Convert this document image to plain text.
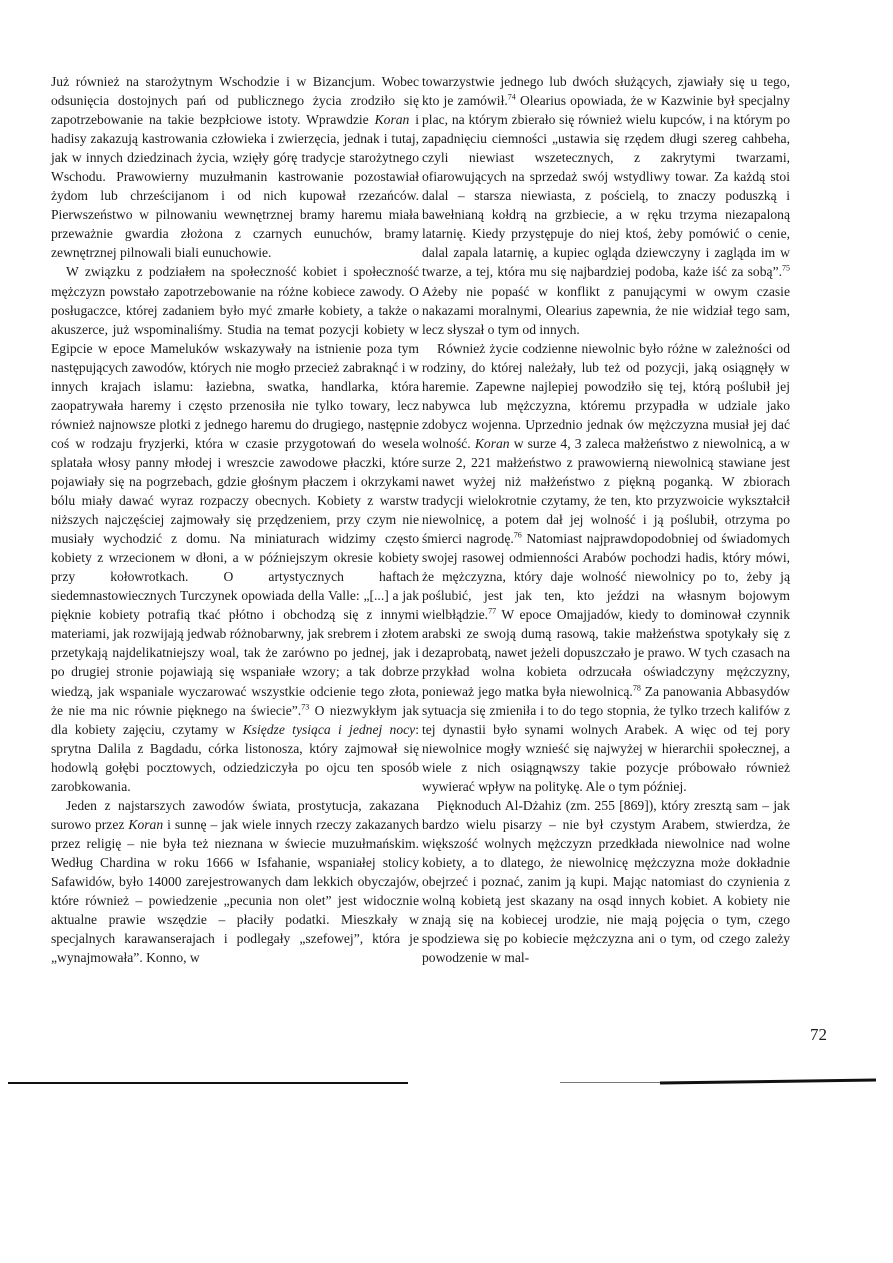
Już również na starożytnym Wschodzie i w Bizancjum. Wobec odsunięcia dostojnych pań od publicznego życia zrodziło się zapotrzebowanie na takie bezpłciowe istoty. Wprawdzie Koran i hadisy zakazują kastrowania człowieka i zwierzęcia, jednak i tutaj, jak w innych dziedzinach życia, wzięły górę tradycje starożytnego Wschodu. Prawowierny muzułmanin kastrowanie pozostawiał żydom lub chrześcijanom i od nich kupował rzezańców. Pierwszeństwo w pilnowaniu wewnętrznej bramy haremu miała przeważnie gwardia złożona z czarnych eunuchów, bramy zewnętrznej pilnowali biali eunuchowie.

W związku z podziałem na społeczność kobiet i społeczność mężczyzn powstało zapotrzebowanie na różne kobiece zawody. O posługaczce, której zadaniem było myć zmarłe kobiety, a także o akuszerce, już wspominaliśmy. Studia na temat pozycji kobiety w Egipcie w epoce Mameluków wskazywały na istnienie poza tym następujących zawodów, których nie mogło przecież zabraknąć i w innych krajach islamu: łaziebna, swatka, handlarka, która zaopatrywała haremy i często przenosiła nie tylko towary, lecz również najnowsze plotki z jednego haremu do drugiego, następnie coś w rodzaju fryzjerki, która w czasie przygotowań do wesela splatała włosy panny młodej i wreszcie zawodowe płaczki, które pojawiały się na pogrzebach, gdzie głośnym płaczem i okrzykami bólu miały dawać wyraz rozpaczy obecnych. Kobiety z warstw niższych najczęściej zajmowały się przędzeniem, przy czym nie musiały wychodzić z domu. Na miniaturach widzimy często kobiety z wrzecionem w dłoni, a w późniejszym okresie kobiety przy kołowrotkach. O artystycznych haftach siedemnastowiecznych Turczynek opowiada della Valle: „[...] a jak pięknie kobiety potrafią tkać płótno i obchodzą się z innymi materiami, jak rozwijają jedwab różnobarwny, jak srebrem i złotem przetykają najdelikatniejszy woal, tak że zarówno po jednej, jak i po drugiej stronie pojawiają się wspaniałe wzory; a tak dobrze wiedzą, jak wspaniale wyczarować wszystkie odcienie tego złota, że nie ma nic równie pięknego na świecie”.$^{73}$ O niezwykłym jak dla kobiety zajęciu, czytamy w Księdze tysiąca i jednej nocy: sprytna Dalila z Bagdadu, córka listonosza, który zajmował się hodowlą gołębi pocztowych, odziedziczyła po ojcu ten sposób zarobkowania.

Jeden z najstarszych zawodów świata, prostytucja, zakazana surowo przez Koran i sunnę – jak wiele innych rzeczy zakazanych przez religię – nie była też nieznana w świecie muzułmańskim. Według Chardina w roku 1666 w Isfahanie, wspaniałej stolicy Safawidów, było 14000 zarejestrowanych dam lekkich obyczajów, które również – powiedzenie „pecunia non olet” jest widocznie aktualne prawie wszędzie – płaciły podatki. Mieszkały w specjalnych karawanserajach i podlegały „szefowej”, która je „wynajmowała”. Konno, w

towarzystwie jednego lub dwóch służących, zjawiały się u tego, kto je zamówił.$^{74}$ Olearius opowiada, że w Kazwinie był specjalny plac, na którym zbierało się również wielu kupców, i na którym po zapadnięciu ciemności „ustawia się rzędem długi szereg cahbeha, czyli niewiast wszetecznych, z zakrytymi twarzami, ofiarowujących na sprzedaż swój wstydliwy towar. Za każdą stoi dalal – starsza niewiasta, z pościelą, to znaczy poduszką i bawełnianą kołdrą na grzbiecie, a w ręku trzyma niezapaloną latarnię. Kiedy przystępuje do niej ktoś, żeby pomówić o cenie, dalal zapala latarnię, a kupiec ogląda dziewczyny i zagląda im w twarze, a tej, która mu się najbardziej podoba, każe iść za sobą”.$^{75}$ Ażeby nie popaść w konflikt z panującymi w owym czasie nakazami moralnymi, Olearius zapewnia, że nie widział tego sam, lecz słyszał o tym od innych.

Również życie codzienne niewolnic było różne w zależności od rodziny, do której należały, lub też od pozycji, jaką osiągnęły w haremie. Zapewne najlepiej powodziło się tej, którą poślubił jej nabywca lub mężczyzna, któremu przypadła w udziale jako zdobycz wojenna. Uprzednio jednak ów mężczyzna musiał jej dać wolność. Koran w surze 4, 3 zaleca małżeństwo z niewolnicą, a w surze 2, 221 małżeństwo z prawowierną niewolnicą stawiane jest nawet wyżej niż małżeństwo z piękną poganką. W zbiorach tradycji wielokrotnie czytamy, że ten, kto przyzwoicie wykształcił niewolnicę, a potem dał jej wolność i ją poślubił, otrzyma po śmierci nagrodę.$^{76}$ Natomiast najprawdopodobniej od świadomych swojej rasowej odmienności Arabów pochodzi hadis, który mówi, że mężczyzna, który daje wolność niewolnicy po to, żeby ją poślubić, jest jak ten, kto jeździ na własnym bojowym wielbłądzie.$^{77}$ W epoce Omajjadów, kiedy to dominował czynnik arabski ze swoją dumą rasową, takie małżeństwa spotykały się z dezaprobatą, nawet jeżeli dopuszczało je prawo. W tych czasach na przykład wolna kobieta odrzucała oświadczyny mężczyzny, ponieważ jego matka była niewolnicą.$^{78}$ Za panowania Abbasydów sytuacja się zmieniła i to do tego stopnia, że tylko trzech kalifów z tej dynastii było synami wolnych Arabek. A więc od tej pory niewolnice mogły wznieść się najwyżej w hierarchii społecznej, a wiele z nich osiągnąwszy takie pozycje próbowało również wywierać wpływ na politykę. Ale o tym później.

Pięknoduch Al-Dżahiz (zm. 255 [869]), który zresztą sam – jak bardzo wielu pisarzy – nie był czystym Arabem, stwierdza, że większość wolnych mężczyzn przedkłada niewolnice nad wolne kobiety, a to dlatego, że niewolnicę mężczyzna może dokładnie obejrzeć i poznać, zanim ją kupi. Mając natomiast do czynienia z wolną kobietą jest skazany na osąd innych kobiet. A kobiety nie znają się na kobiecej urodzie, nie mają pojęcia o tym, czego spodziewa się po kobiecie mężczyzna ani o tym, od czego zależy powodzenie w mal-

72
